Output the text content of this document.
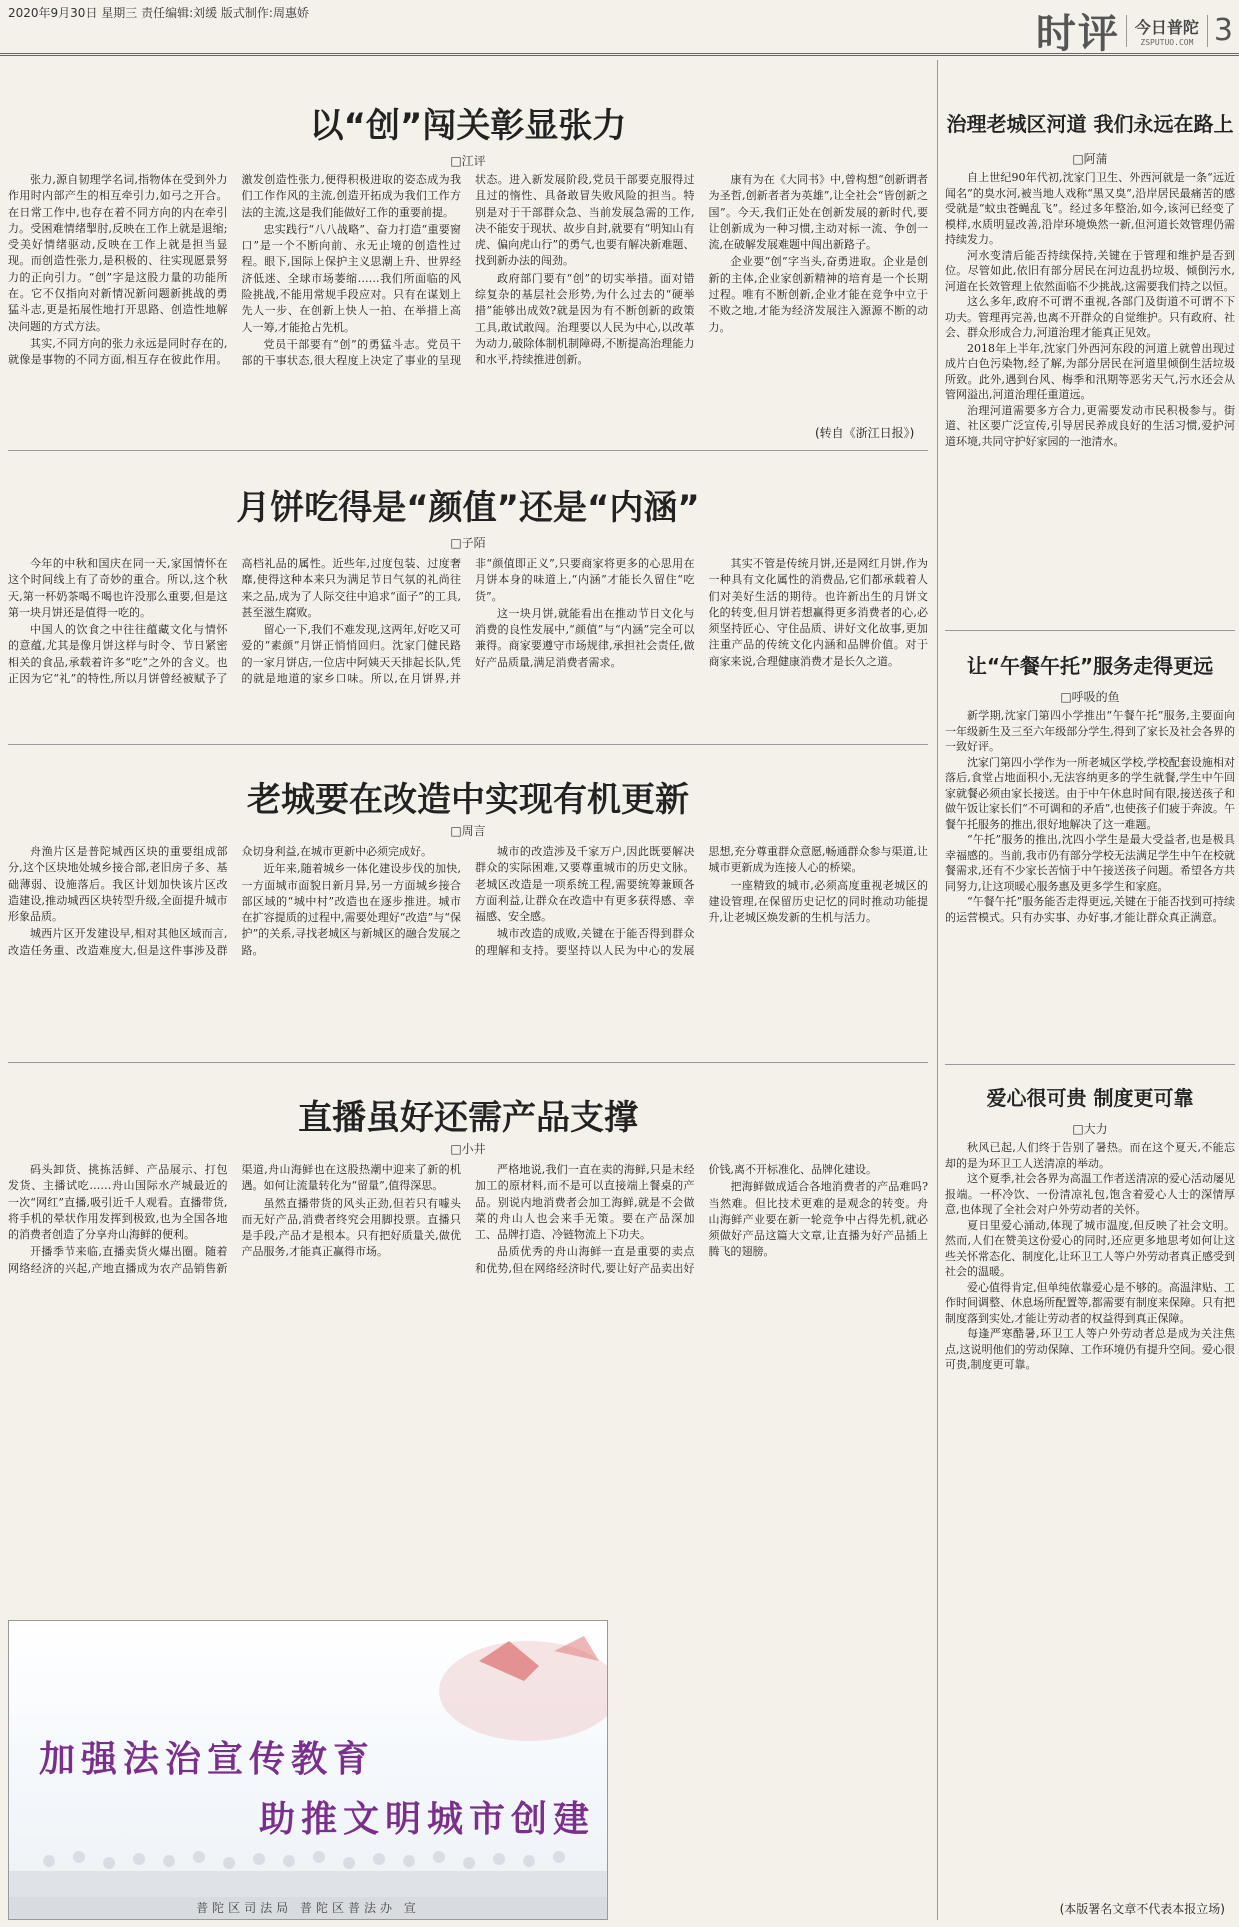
2020年9月30日 星期三 责任编辑:刘缓 版式制作:周惠娇	时评 今日普陀
ZSPUTUO.COM 3
以“创”闯关彰显张力
□江评

张力,源自韧理学名词,指物体在受到外力作用时内部产生的相互牵引力,如弓之开合。在日常工作中,也存在着不同方向的内在牵引力。受困难情绪掣肘,反映在工作上就是退缩;受美好情绪驱动,反映在工作上就是担当显现。而创造性张力,是积极的、往实现愿景努力的正向引力。“创”字是这股力量的功能所在。它不仅指向对新情况新问题新挑战的勇猛斗志,更是拓展性地打开思路、创造性地解决问题的方式方法。

其实,不同方向的张力永远是同时存在的,就像是事物的不同方面,相互存在彼此作用。激发创造性张力,便得积极进取的姿态成为我们工作作风的主流,创造开拓成为我们工作方法的主流,这是我们能做好工作的重要前提。

忠实践行“八八战略”、奋力打造“重要窗口”是一个不断向前、永无止境的创造性过程。眼下,国际上保护主义思潮上升、世界经济低迷、全球市场萎缩……我们所面临的风险挑战,不能用常规手段应对。只有在谋划上先人一步、在创新上快人一拍、在举措上高人一筹,才能抢占先机。

党员干部要有“创”的勇猛斗志。党员干部的干事状态,很大程度上决定了事业的呈现状态。进入新发展阶段,党员干部要克服得过且过的惰性、具备敢冒失败风险的担当。特别是对于干部群众急、当前发展急需的工作,决不能安于现状、故步自封,就要有“明知山有虎、偏向虎山行”的勇气,也要有解决新难题、找到新办法的闯劲。

政府部门要有“创”的切实举措。面对错综复杂的基层社会形势,为什么过去的“硬举措”能够出成效?就是因为有不断创新的政策工具,敢试敢闯。治理要以人民为中心,以改革为动力,破除体制机制障碍,不断提高治理能力和水平,持续推进创新。

康有为在《大同书》中,曾构想“创新谓者为圣哲,创新者者为英雄”,让全社会“皆创新之国”。今天,我们正处在创新发展的新时代,要让创新成为一种习惯,主动对标一流、争创一流,在破解发展难题中闯出新路子。

企业要“创”字当头,奋勇进取。企业是创新的主体,企业家创新精神的培育是一个长期过程。唯有不断创新,企业才能在竞争中立于不败之地,才能为经济发展注入源源不断的动力。

(转自《浙江日报》)
月饼吃得是“颜值”还是“内涵”
□子陌

今年的中秋和国庆在同一天,家国情怀在这个时间线上有了奇妙的重合。所以,这个秋天,第一杯奶茶喝不喝也许没那么重要,但是这第一块月饼还是值得一吃的。

中国人的饮食之中往往蕴藏文化与情怀的意蕴,尤其是像月饼这样与时令、节日紧密相关的食品,承载着许多“吃”之外的含义。也正因为它“礼”的特性,所以月饼曾经被赋予了高档礼品的属性。近些年,过度包装、过度奢靡,使得这种本来只为满足节日气氛的礼尚往来之品,成为了人际交往中追求“面子”的工具,甚至滋生腐败。

留心一下,我们不难发现,这两年,好吃又可爱的“素颜”月饼正悄悄回归。沈家门健民路的一家月饼店,一位店中阿姨天天排起长队,凭的就是地道的家乡口味。所以,在月饼界,并非“颜值即正义”,只要商家将更多的心思用在月饼本身的味道上,“内涵”才能长久留住“吃货”。

这一块月饼,就能看出在推动节日文化与消费的良性发展中,“颜值”与“内涵”完全可以兼得。商家要遵守市场规律,承担社会责任,做好产品质量,满足消费者需求。

其实不管是传统月饼,还是网红月饼,作为一种具有文化属性的消费品,它们都承载着人们对美好生活的期待。也许新出生的月饼文化的转变,但月饼若想赢得更多消费者的心,必须坚持匠心、守住品质、讲好文化故事,更加注重产品的传统文化内涵和品牌价值。对于商家来说,合理健康消费才是长久之道。

老城要在改造中实现有机更新
□周言

舟渔片区是普陀城西区块的重要组成部分,这个区块地处城乡接合部,老旧房子多、基础薄弱、设施落后。我区计划加快该片区改造建设,推动城西区块转型升级,全面提升城市形象品质。

城西片区开发建设早,相对其他区域而言,改造任务重、改造难度大,但是这件事涉及群众切身利益,在城市更新中必须完成好。

近年来,随着城乡一体化建设步伐的加快,一方面城市面貌日新月异,另一方面城乡接合部区域的“城中村”改造也在逐步推进。城市在扩容提质的过程中,需要处理好“改造”与“保护”的关系,寻找老城区与新城区的融合发展之路。

城市的改造涉及千家万户,因此既要解决群众的实际困难,又要尊重城市的历史文脉。老城区改造是一项系统工程,需要统筹兼顾各方面利益,让群众在改造中有更多获得感、幸福感、安全感。

城市改造的成败,关键在于能否得到群众的理解和支持。要坚持以人民为中心的发展思想,充分尊重群众意愿,畅通群众参与渠道,让城市更新成为连接人心的桥梁。

一座精致的城市,必须高度重视老城区的建设管理,在保留历史记忆的同时推动功能提升,让老城区焕发新的生机与活力。

直播虽好还需产品支撑
□小井

码头卸货、挑拣活鲜、产品展示、打包发货、主播试吃……舟山国际水产城最近的一次“网红”直播,吸引近千人观看。直播带货,将手机的晕状作用发挥到极致,也为全国各地的消费者创造了分享舟山海鲜的便利。

开播季节来临,直播卖货火爆出圈。随着网络经济的兴起,产地直播成为农产品销售新渠道,舟山海鲜也在这股热潮中迎来了新的机遇。如何让流量转化为“留量”,值得深思。

虽然直播带货的风头正劲,但若只有噱头而无好产品,消费者终究会用脚投票。直播只是手段,产品才是根本。只有把好质量关,做优产品服务,才能真正赢得市场。

严格地说,我们一直在卖的海鲜,只是未经加工的原材料,而不是可以直接端上餐桌的产品。别说内地消费者会加工海鲜,就是不会做菜的舟山人也会来手无策。要在产品深加工、品牌打造、冷链物流上下功夫。

品质优秀的舟山海鲜一直是重要的卖点和优势,但在网络经济时代,要让好产品卖出好价钱,离不开标准化、品牌化建设。

把海鲜做成适合各地消费者的产品难吗?当然难。但比技术更难的是观念的转变。舟山海鲜产业要在新一轮竞争中占得先机,就必须做好产品这篇大文章,让直播为好产品插上腾飞的翅膀。

加强法治宣传教育
助推文明城市创建
普陀区司法局 普陀区普法办 宣
治理老城区河道 我们永远在路上
□阿蒲

自上世纪90年代初,沈家门卫生、外西河就是一条“远近闻名”的臭水河,被当地人戏称“黑又臭”,沿岸居民最痛苦的感受就是“蚊虫苍蝇乱飞”。经过多年整治,如今,该河已经变了模样,水质明显改善,沿岸环境焕然一新,但河道长效管理仍需持续发力。

河水变清后能否持续保持,关键在于管理和维护是否到位。尽管如此,依旧有部分居民在河边乱扔垃圾、倾倒污水,河道在长效管理上依然面临不少挑战,这需要我们持之以恒。

这么多年,政府不可谓不重视,各部门及街道不可谓不下功夫。管理再完善,也离不开群众的自觉维护。只有政府、社会、群众形成合力,河道治理才能真正见效。

2018年上半年,沈家门外西河东段的河道上就曾出现过成片白色污染物,经了解,为部分居民在河道里倾倒生活垃圾所致。此外,遇到台风、梅季和汛期等恶劣天气,污水还会从管网溢出,河道治理任重道远。

治理河道需要多方合力,更需要发动市民积极参与。街道、社区要广泛宣传,引导居民养成良好的生活习惯,爱护河道环境,共同守护好家园的一池清水。

让“午餐午托”服务走得更远
□呼吸的鱼

新学期,沈家门第四小学推出“午餐午托”服务,主要面向一年级新生及三至六年级部分学生,得到了家长及社会各界的一致好评。

沈家门第四小学作为一所老城区学校,学校配套设施相对落后,食堂占地面积小,无法容纳更多的学生就餐,学生中午回家就餐必须由家长接送。由于中午休息时间有限,接送孩子和做午饭让家长们“不可调和的矛盾”,也使孩子们疲于奔波。午餐午托服务的推出,很好地解决了这一难题。

“午托”服务的推出,沈四小学生是最大受益者,也是极具幸福感的。当前,我市仍有部分学校无法满足学生中午在校就餐需求,还有不少家长苦恼于中午接送孩子问题。希望各方共同努力,让这项暖心服务惠及更多学生和家庭。

“午餐午托”服务能否走得更远,关键在于能否找到可持续的运营模式。只有办实事、办好事,才能让群众真正满意。

爱心很可贵 制度更可靠
□大力

秋风已起,人们终于告别了暑热。而在这个夏天,不能忘却的是为环卫工人送清凉的举动。

这个夏季,社会各界为高温工作者送清凉的爱心活动屡见报端。一杯冷饮、一份清凉礼包,饱含着爱心人士的深情厚意,也体现了全社会对户外劳动者的关怀。

夏日里爱心涌动,体现了城市温度,但反映了社会文明。然而,人们在赞美这份爱心的同时,还应更多地思考如何让这些关怀常态化、制度化,让环卫工人等户外劳动者真正感受到社会的温暖。

爱心值得肯定,但单纯依靠爱心是不够的。高温津贴、工作时间调整、休息场所配置等,都需要有制度来保障。只有把制度落到实处,才能让劳动者的权益得到真正保障。

每逢严寒酷暑,环卫工人等户外劳动者总是成为关注焦点,这说明他们的劳动保障、工作环境仍有提升空间。爱心很可贵,制度更可靠。

(本版署名文章不代表本报立场)
